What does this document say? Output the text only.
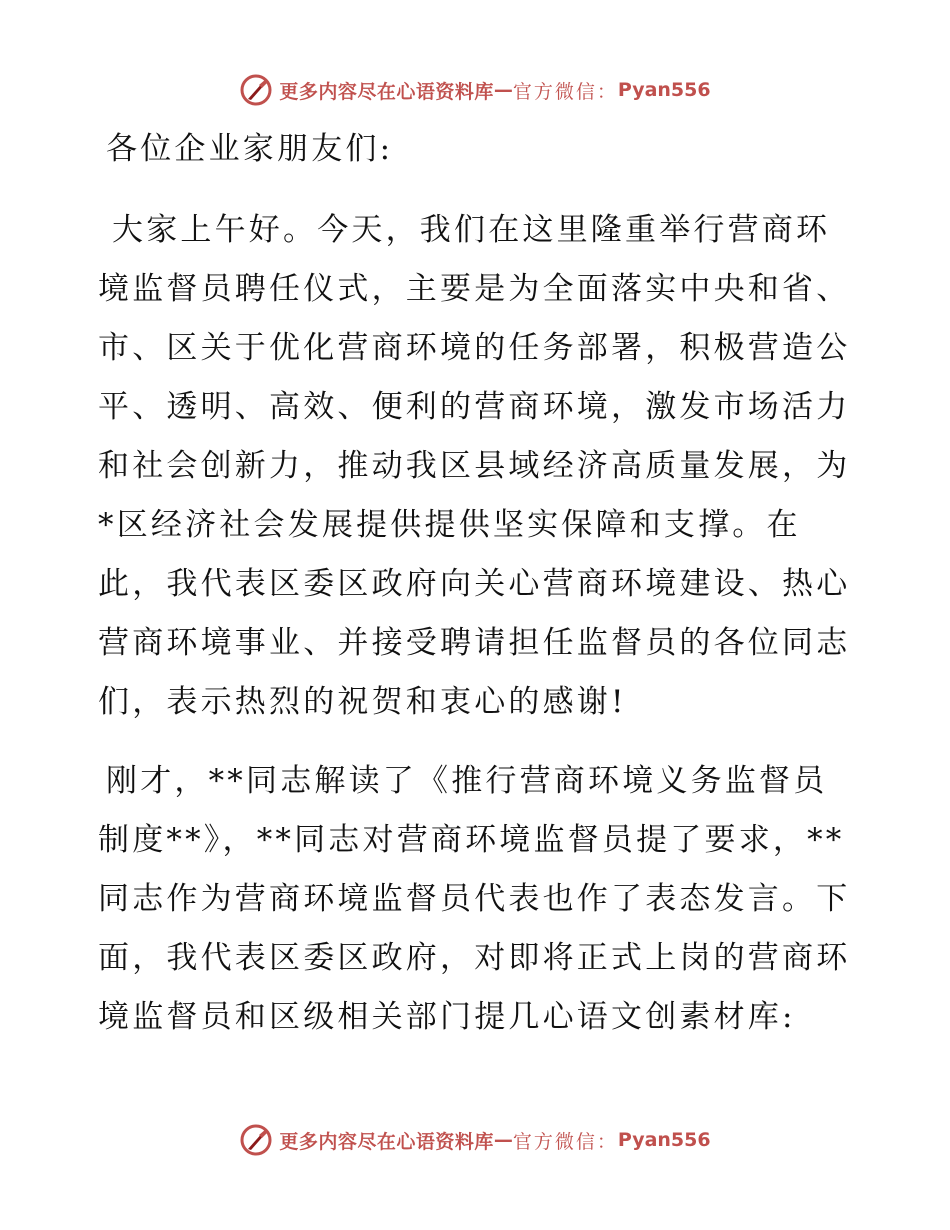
更多内容尽在心语资料库 — 官方微信： Pyan556

各位企业家朋友们:

大家上午好。今天，我们在这里隆重举行营商环境监督员聘任仪式，主要是为全面落实中央和省、市、区关于优化营商环境的任务部署，积极营造公平、透明、高效、便利的营商环境，激发市场活力和社会创新力，推动我区县域经济高质量发展，为*区经济社会发展提供提供坚实保障和支撑。在此，我代表区委区政府向关心营商环境建设、热心营商环境事业、并接受聘请担任监督员的各位同志们，表示热烈的祝贺和衷心的感谢!

刚才，**同志解读了《推行营商环境义务监督员制度**》，**同志对营商环境监督员提了要求，**同志作为营商环境监督员代表也作了表态发言。下面，我代表区委区政府，对即将正式上岗的营商环境监督员和区级相关部门提几心语文创素材库:

更多内容尽在心语资料库 — 官方微信： Pyan556
